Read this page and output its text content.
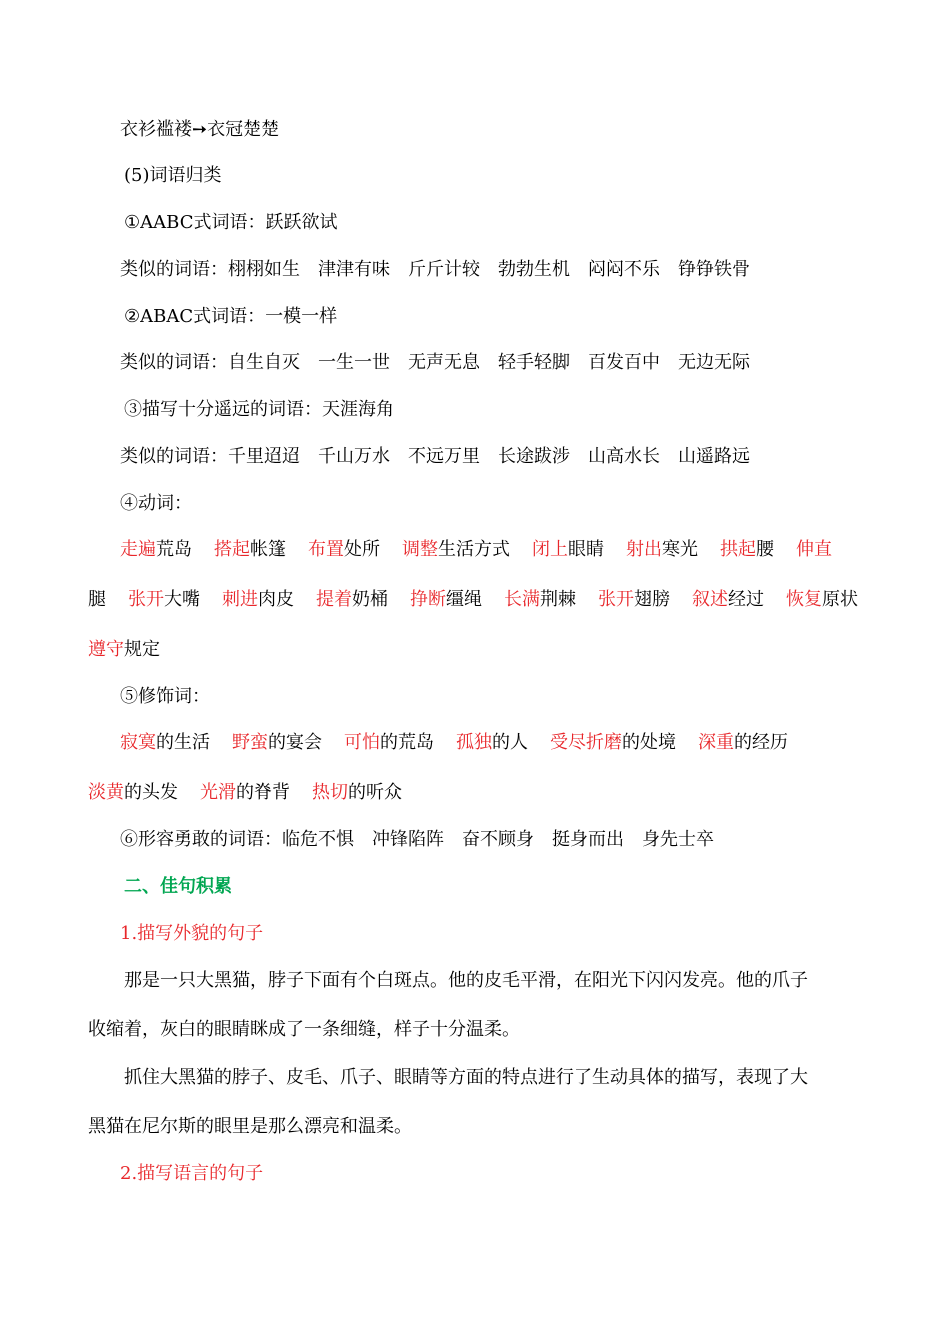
衣衫褴褛➙衣冠楚楚
(5)词语归类
①AABC式词语：跃跃欲试
类似的词语：栩栩如生 津津有味 斤斤计较 勃勃生机 闷闷不乐 铮铮铁骨
②ABAC式词语：一模一样
类似的词语：自生自灭 一生一世 无声无息 轻手轻脚 百发百中 无边无际
③描写十分遥远的词语：天涯海角
类似的词语：千里迢迢 千山万水 不远万里 长途跋涉 山高水长 山遥路远
④动词：
走遍荒岛 搭起帐篷 布置处所 调整生活方式 闭上眼睛 射出寒光 拱起腰 伸直
腿 张开大嘴 刺进肉皮 提着奶桶 挣断缰绳 长满荆棘 张开翅膀 叙述经过 恢复原状
遵守规定
⑤修饰词：
寂寞的生活 野蛮的宴会 可怕的荒岛 孤独的人 受尽折磨的处境 深重的经历
淡黄的头发 光滑的脊背 热切的听众
⑥形容勇敢的词语：临危不惧 冲锋陷阵 奋不顾身 挺身而出 身先士卒
二、佳句积累
1.描写外貌的句子
那是一只大黑猫，脖子下面有个白斑点。他的皮毛平滑，在阳光下闪闪发亮。他的爪子
收缩着，灰白的眼睛眯成了一条细缝，样子十分温柔。
抓住大黑猫的脖子、皮毛、爪子、眼睛等方面的特点进行了生动具体的描写，表现了大
黑猫在尼尔斯的眼里是那么漂亮和温柔。
2.描写语言的句子
